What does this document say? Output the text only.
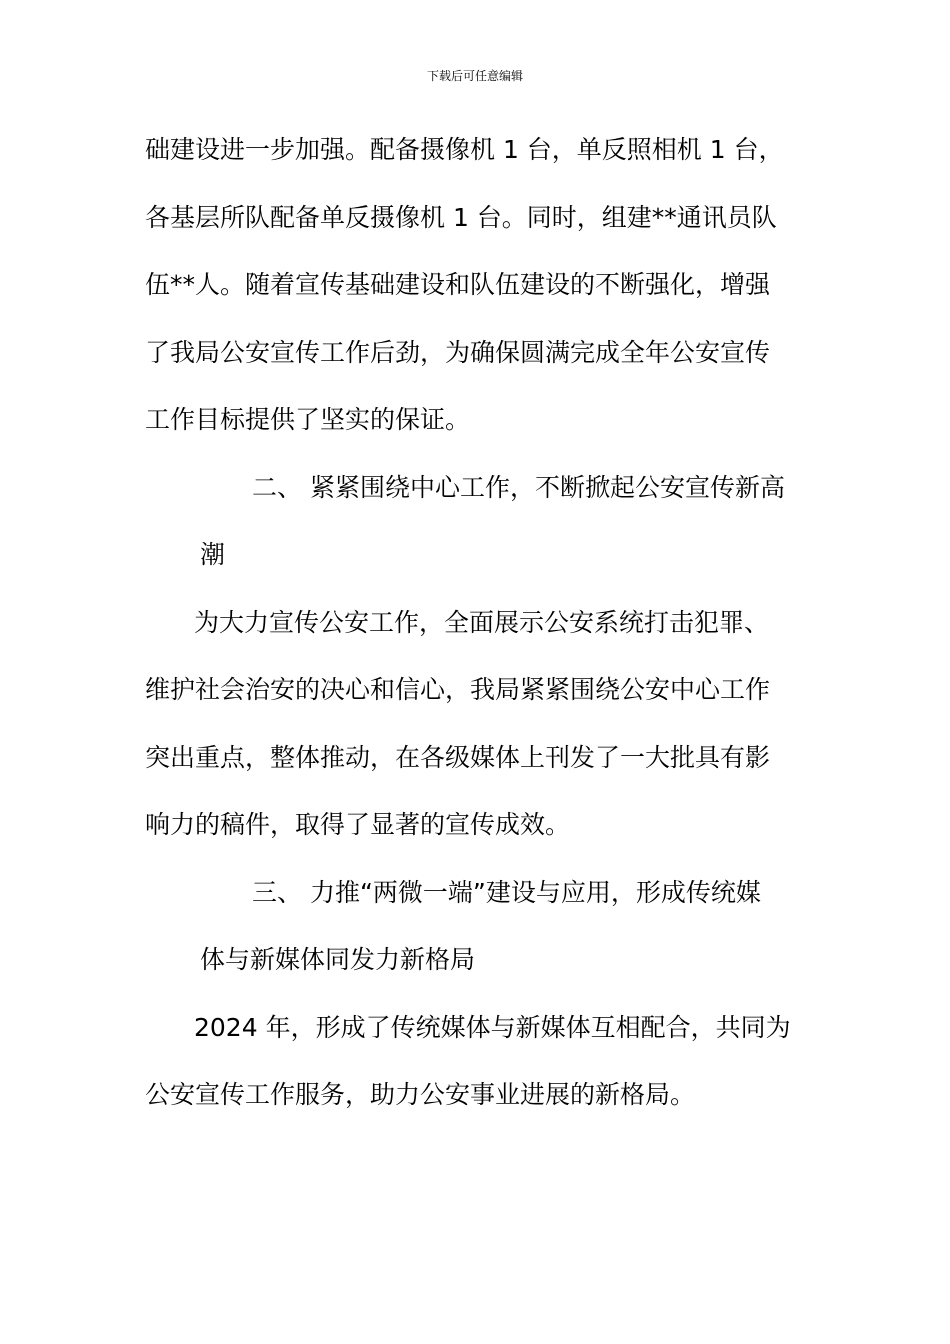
下载后可任意编辑
础建设进一步加强。配备摄像机 1 台，单反照相机 1 台，
各基层所队配备单反摄像机 1 台。同时，组建**通讯员队
伍**人。随着宣传基础建设和队伍建设的不断强化，增强
了我局公安宣传工作后劲，为确保圆满完成全年公安宣传
工作目标提供了坚实的保证。
二、 紧紧围绕中心工作，不断掀起公安宣传新高
潮
为大力宣传公安工作，全面展示公安系统打击犯罪、
维护社会治安的决心和信心，我局紧紧围绕公安中心工作
突出重点，整体推动，在各级媒体上刊发了一大批具有影
响力的稿件，取得了显著的宣传成效。
三、 力推“两微一端”建设与应用，形成传统媒
体与新媒体同发力新格局
2024 年，形成了传统媒体与新媒体互相配合，共同为
公安宣传工作服务，助力公安事业进展的新格局。
